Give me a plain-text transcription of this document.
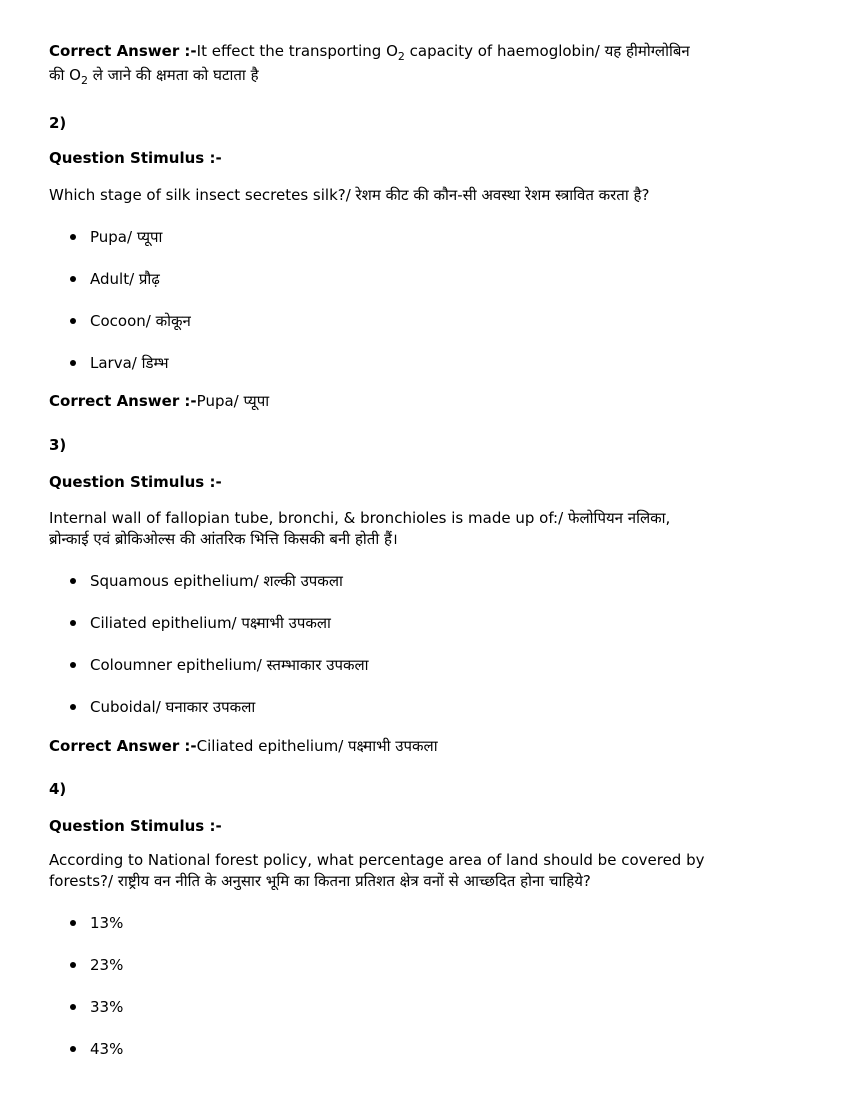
Correct Answer :-It effect the transporting $O_2$ capacity of haemoglobin/ यह हीमोग्लोबिन

की $O_2$ ले जाने की क्षमता को घटाता है

2)

Question Stimulus :-

Which stage of silk insect secretes silk?/ रेशम कीट की कौन-सी अवस्था रेशम स्त्रावित करता है?

Pupa/ प्यूपा
Adult/ प्रौढ़
Cocoon/ कोकून
Larva/ डिम्भ

Correct Answer :-Pupa/ प्यूपा

3)

Question Stimulus :-

Internal wall of fallopian tube, bronchi, & bronchioles is made up of:/ फेलोपियन नलिका,

ब्रोन्काई एवं ब्रोकिओल्स की आंतरिक भित्ति किसकी बनी होती हैं।

Squamous epithelium/ शल्की उपकला
Ciliated epithelium/ पक्ष्माभी उपकला
Coloumner epithelium/ स्तम्भाकार उपकला
Cuboidal/ घनाकार उपकला

Correct Answer :-Ciliated epithelium/ पक्ष्माभी उपकला

4)

Question Stimulus :-

According to National forest policy, what percentage area of land should be covered by

forests?/ राष्ट्रीय वन नीति के अनुसार भूमि का कितना प्रतिशत क्षेत्र वनों से आच्छदित होना चाहिये?

13%
23%
33%
43%
